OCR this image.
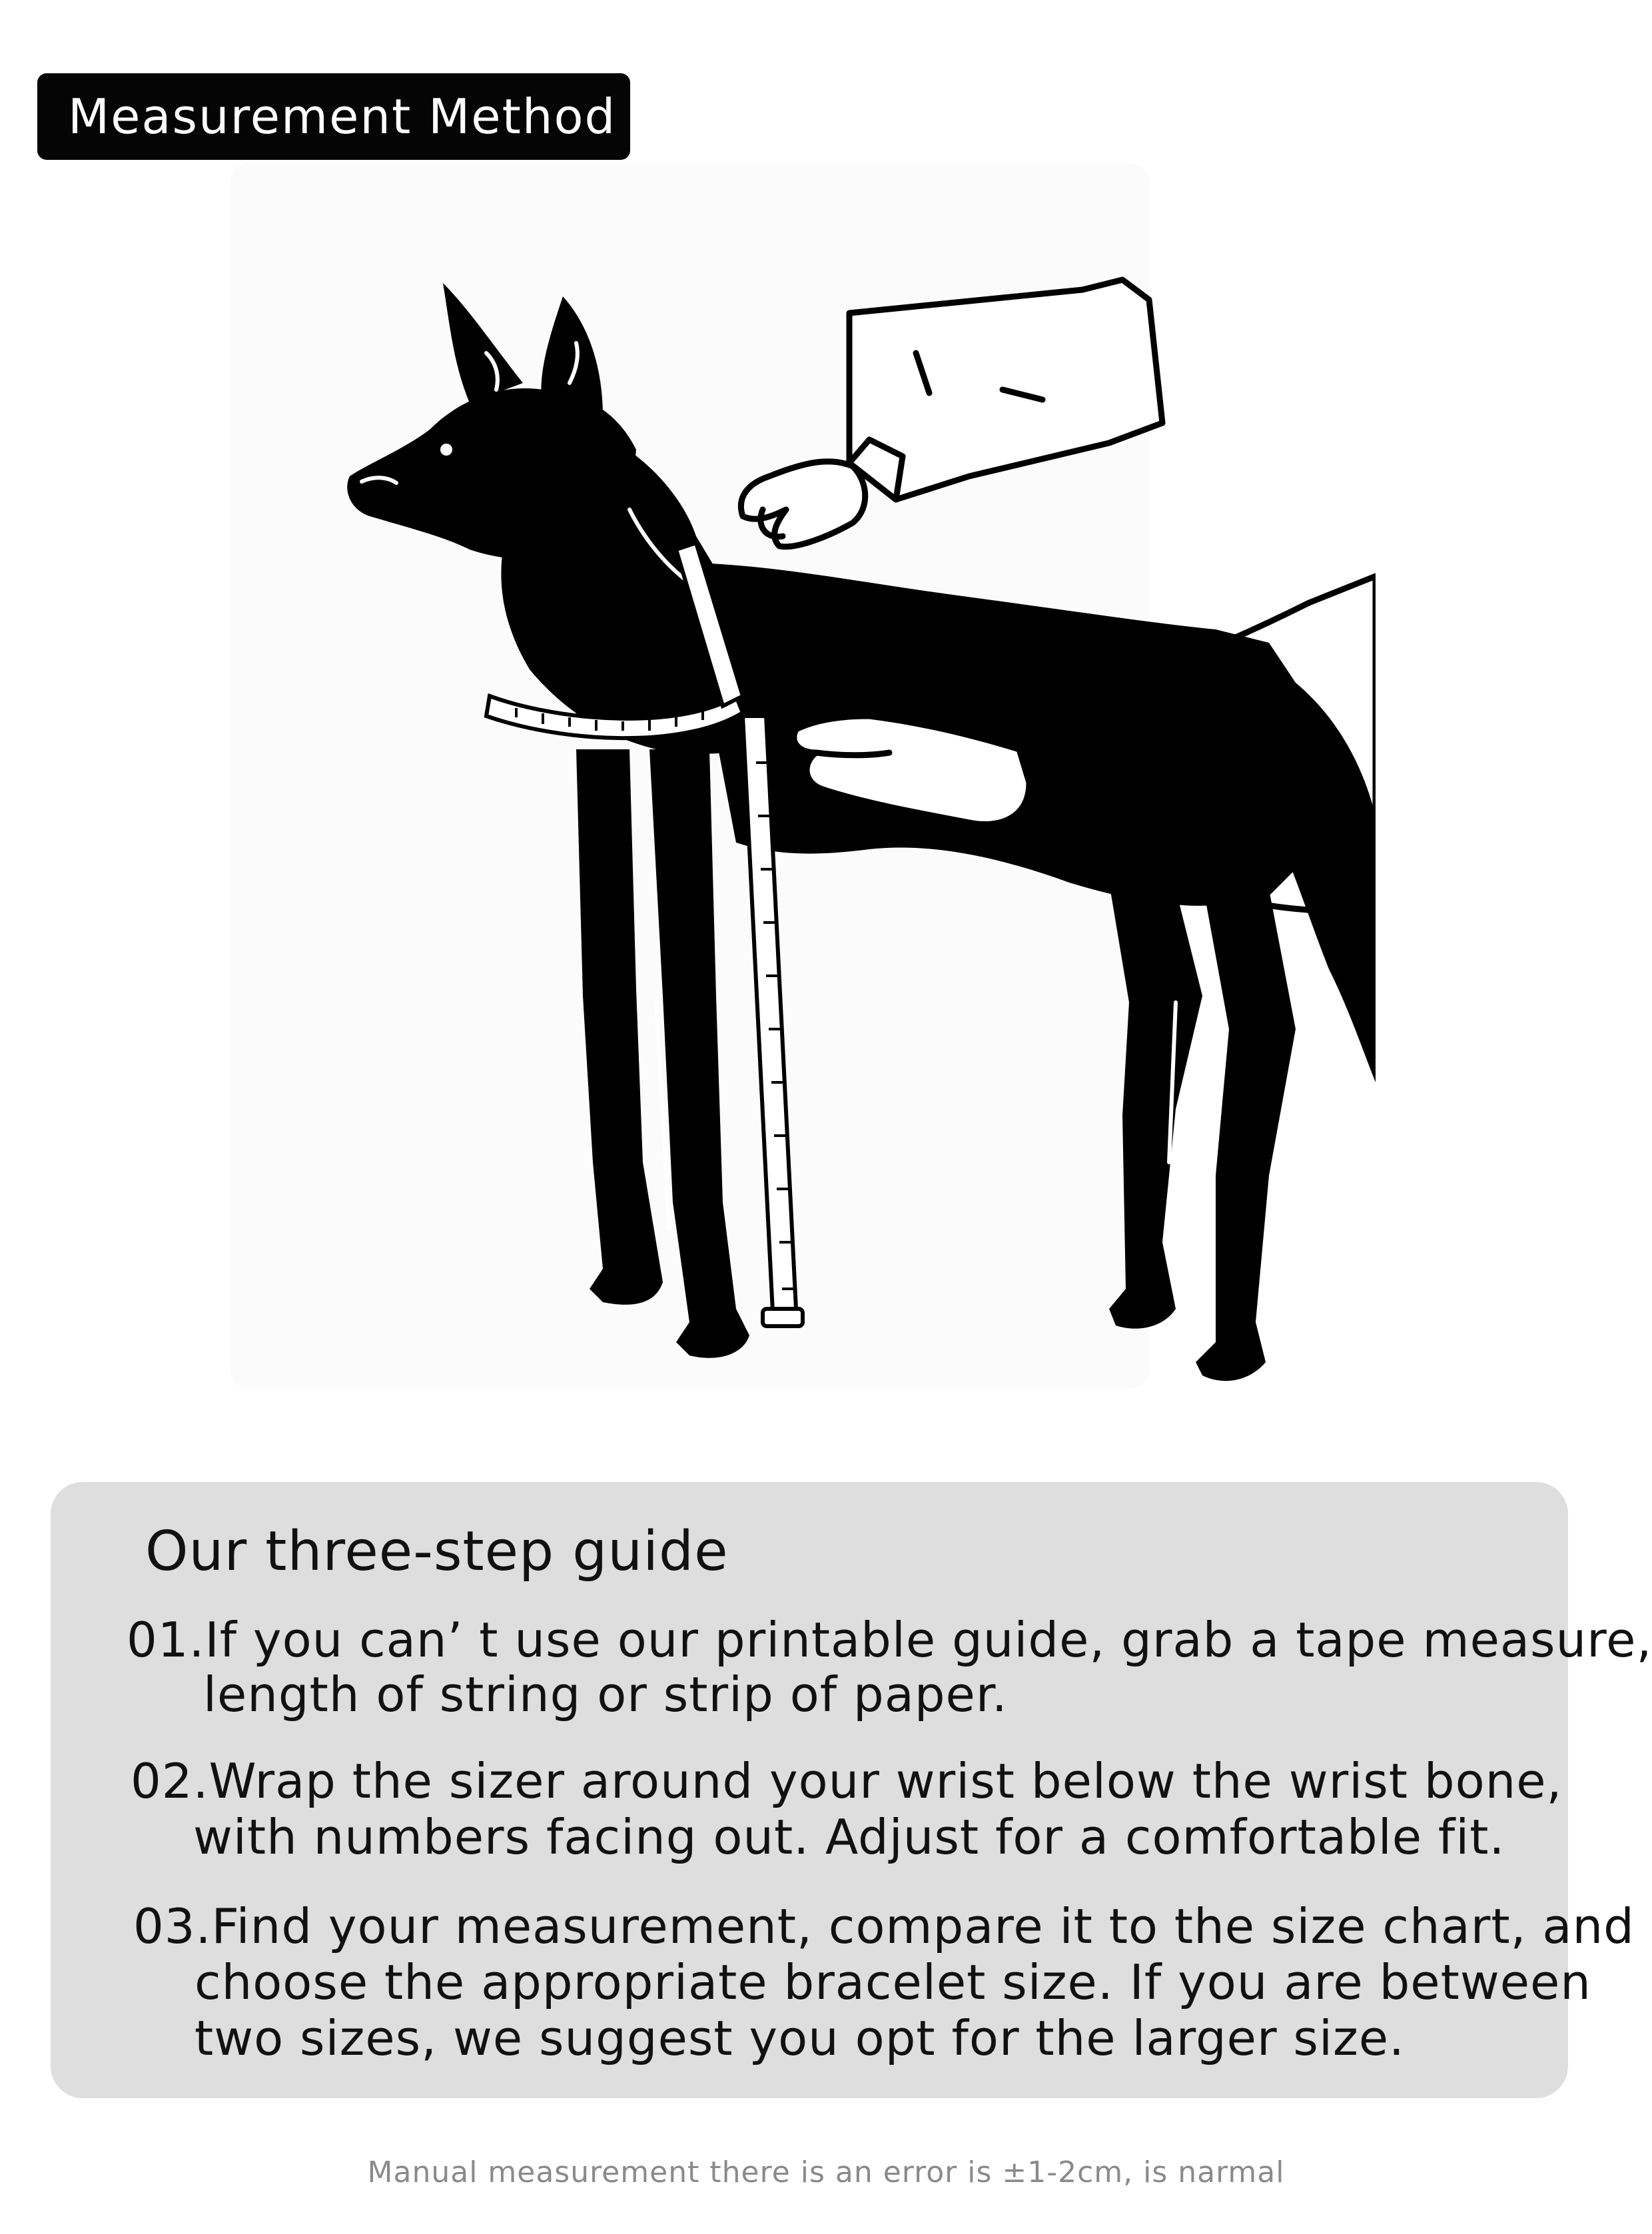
Measurement Method
Our three-step guide
01.If you can’ t use our printable guide, grab a tape measure,
length of string or strip of paper.
02.Wrap the sizer around your wrist below the wrist bone,
with numbers facing out. Adjust for a comfortable fit.
03.Find your measurement, compare it to the size chart, and
choose the appropriate bracelet size. If you are between
two sizes, we suggest you opt for the larger size.
Manual measurement there is an error is ±1-2cm, is narmal
